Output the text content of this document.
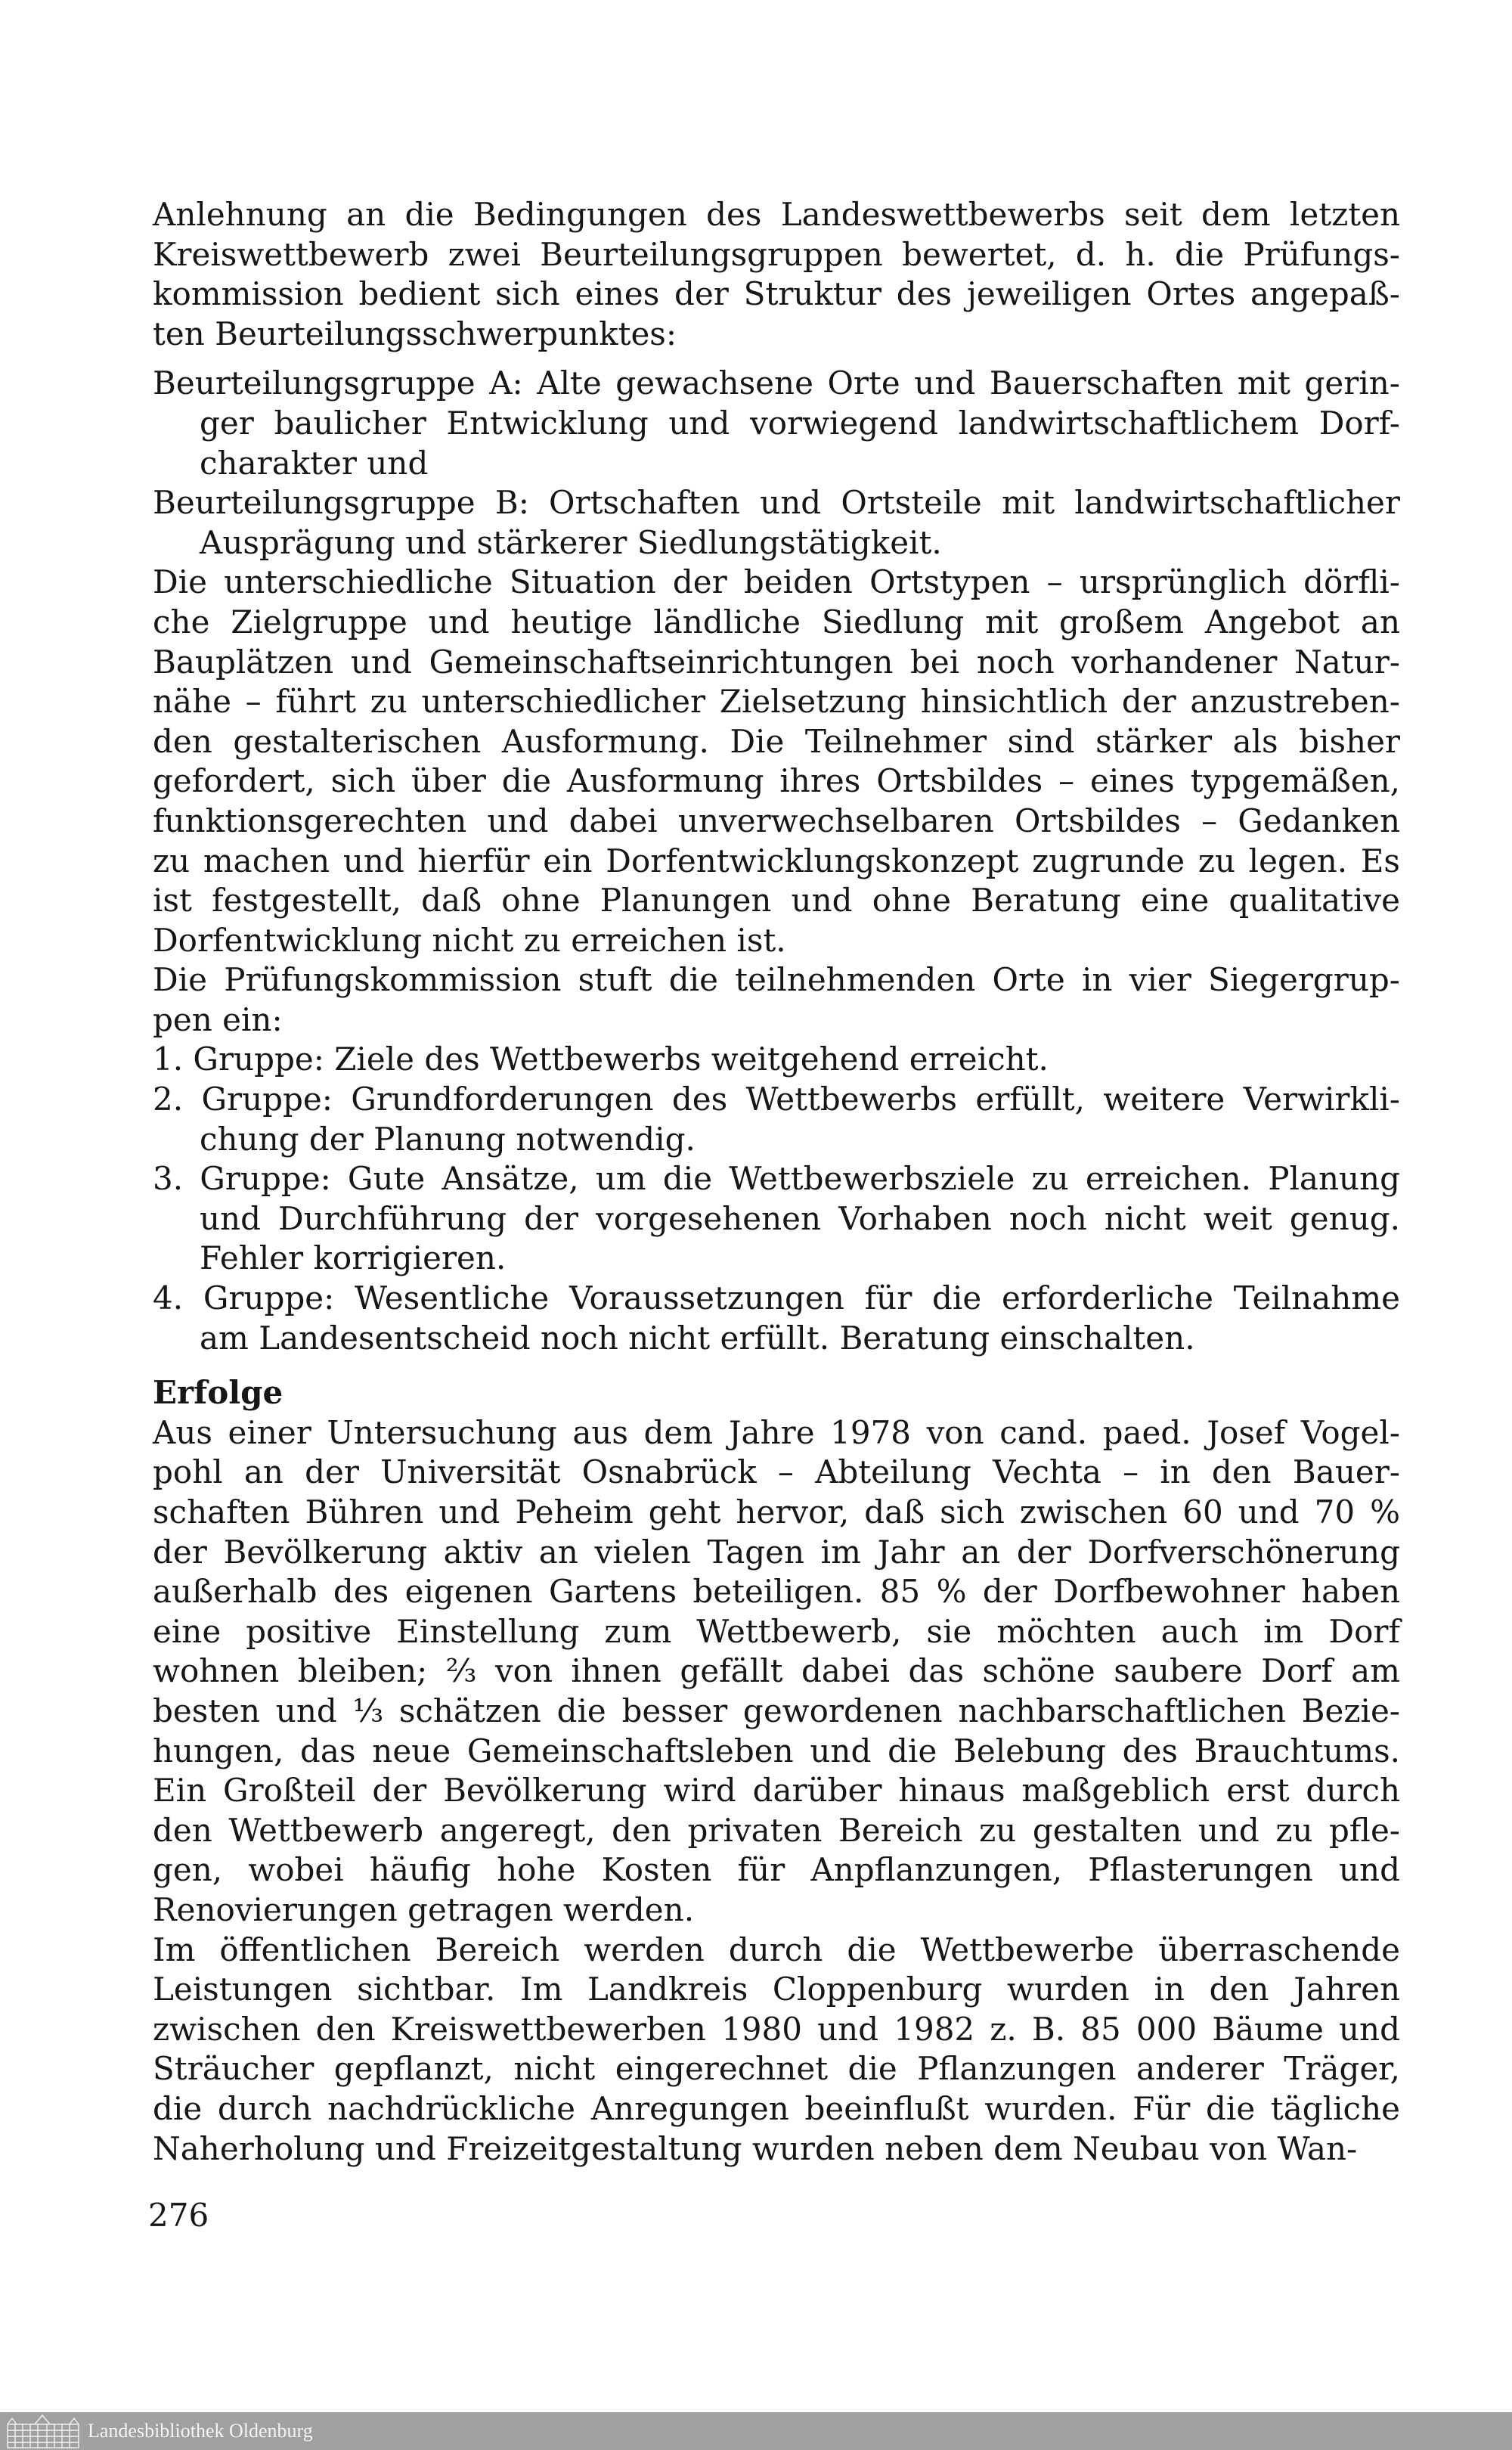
Anlehnung an die Bedingungen des Landeswettbewerbs seit dem letzten
Kreiswettbewerb zwei Beurteilungsgruppen bewertet, d. h. die Prüfungs-
kommission bedient sich eines der Struktur des jeweiligen Ortes angepaß-
ten Beurteilungsschwerpunktes:
Beurteilungsgruppe A: Alte gewachsene Orte und Bauerschaften mit gerin-
ger baulicher Entwicklung und vorwiegend landwirtschaftlichem Dorf-
charakter und
Beurteilungsgruppe B: Ortschaften und Ortsteile mit landwirtschaftlicher
Ausprägung und stärkerer Siedlungstätigkeit.
Die unterschiedliche Situation der beiden Ortstypen – ursprünglich dörfli-
che Zielgruppe und heutige ländliche Siedlung mit großem Angebot an
Bauplätzen und Gemeinschaftseinrichtungen bei noch vorhandener Natur-
nähe – führt zu unterschiedlicher Zielsetzung hinsichtlich der anzustreben-
den gestalterischen Ausformung. Die Teilnehmer sind stärker als bisher
gefordert, sich über die Ausformung ihres Ortsbildes – eines typgemäßen,
funktionsgerechten und dabei unverwechselbaren Ortsbildes – Gedanken
zu machen und hierfür ein Dorfentwicklungskonzept zugrunde zu legen. Es
ist festgestellt, daß ohne Planungen und ohne Beratung eine qualitative
Dorfentwicklung nicht zu erreichen ist.
Die Prüfungskommission stuft die teilnehmenden Orte in vier Siegergrup-
pen ein:
1. Gruppe: Ziele des Wettbewerbs weitgehend erreicht.
2. Gruppe: Grundforderungen des Wettbewerbs erfüllt, weitere Verwirkli-
chung der Planung notwendig.
3. Gruppe: Gute Ansätze, um die Wettbewerbsziele zu erreichen. Planung
und Durchführung der vorgesehenen Vorhaben noch nicht weit genug.
Fehler korrigieren.
4. Gruppe: Wesentliche Voraussetzungen für die erforderliche Teilnahme
am Landesentscheid noch nicht erfüllt. Beratung einschalten.
Erfolge
Aus einer Untersuchung aus dem Jahre 1978 von cand. paed. Josef Vogel-
pohl an der Universität Osnabrück – Abteilung Vechta – in den Bauer-
schaften Bühren und Peheim geht hervor, daß sich zwischen 60 und 70 %
der Bevölkerung aktiv an vielen Tagen im Jahr an der Dorfverschönerung
außerhalb des eigenen Gartens beteiligen. 85 % der Dorfbewohner haben
eine positive Einstellung zum Wettbewerb, sie möchten auch im Dorf
wohnen bleiben; ⅔ von ihnen gefällt dabei das schöne saubere Dorf am
besten und ⅓ schätzen die besser gewordenen nachbarschaftlichen Bezie-
hungen, das neue Gemeinschaftsleben und die Belebung des Brauchtums.
Ein Großteil der Bevölkerung wird darüber hinaus maßgeblich erst durch
den Wettbewerb angeregt, den privaten Bereich zu gestalten und zu pfle-
gen, wobei häufig hohe Kosten für Anpflanzungen, Pflasterungen und
Renovierungen getragen werden.
Im öffentlichen Bereich werden durch die Wettbewerbe überraschende
Leistungen sichtbar. Im Landkreis Cloppenburg wurden in den Jahren
zwischen den Kreiswettbewerben 1980 und 1982 z. B. 85 000 Bäume und
Sträucher gepflanzt, nicht eingerechnet die Pflanzungen anderer Träger,
die durch nachdrückliche Anregungen beeinflußt wurden. Für die tägliche
Naherholung und Freizeitgestaltung wurden neben dem Neubau von Wan-
276
Landesbibliothek Oldenburg
